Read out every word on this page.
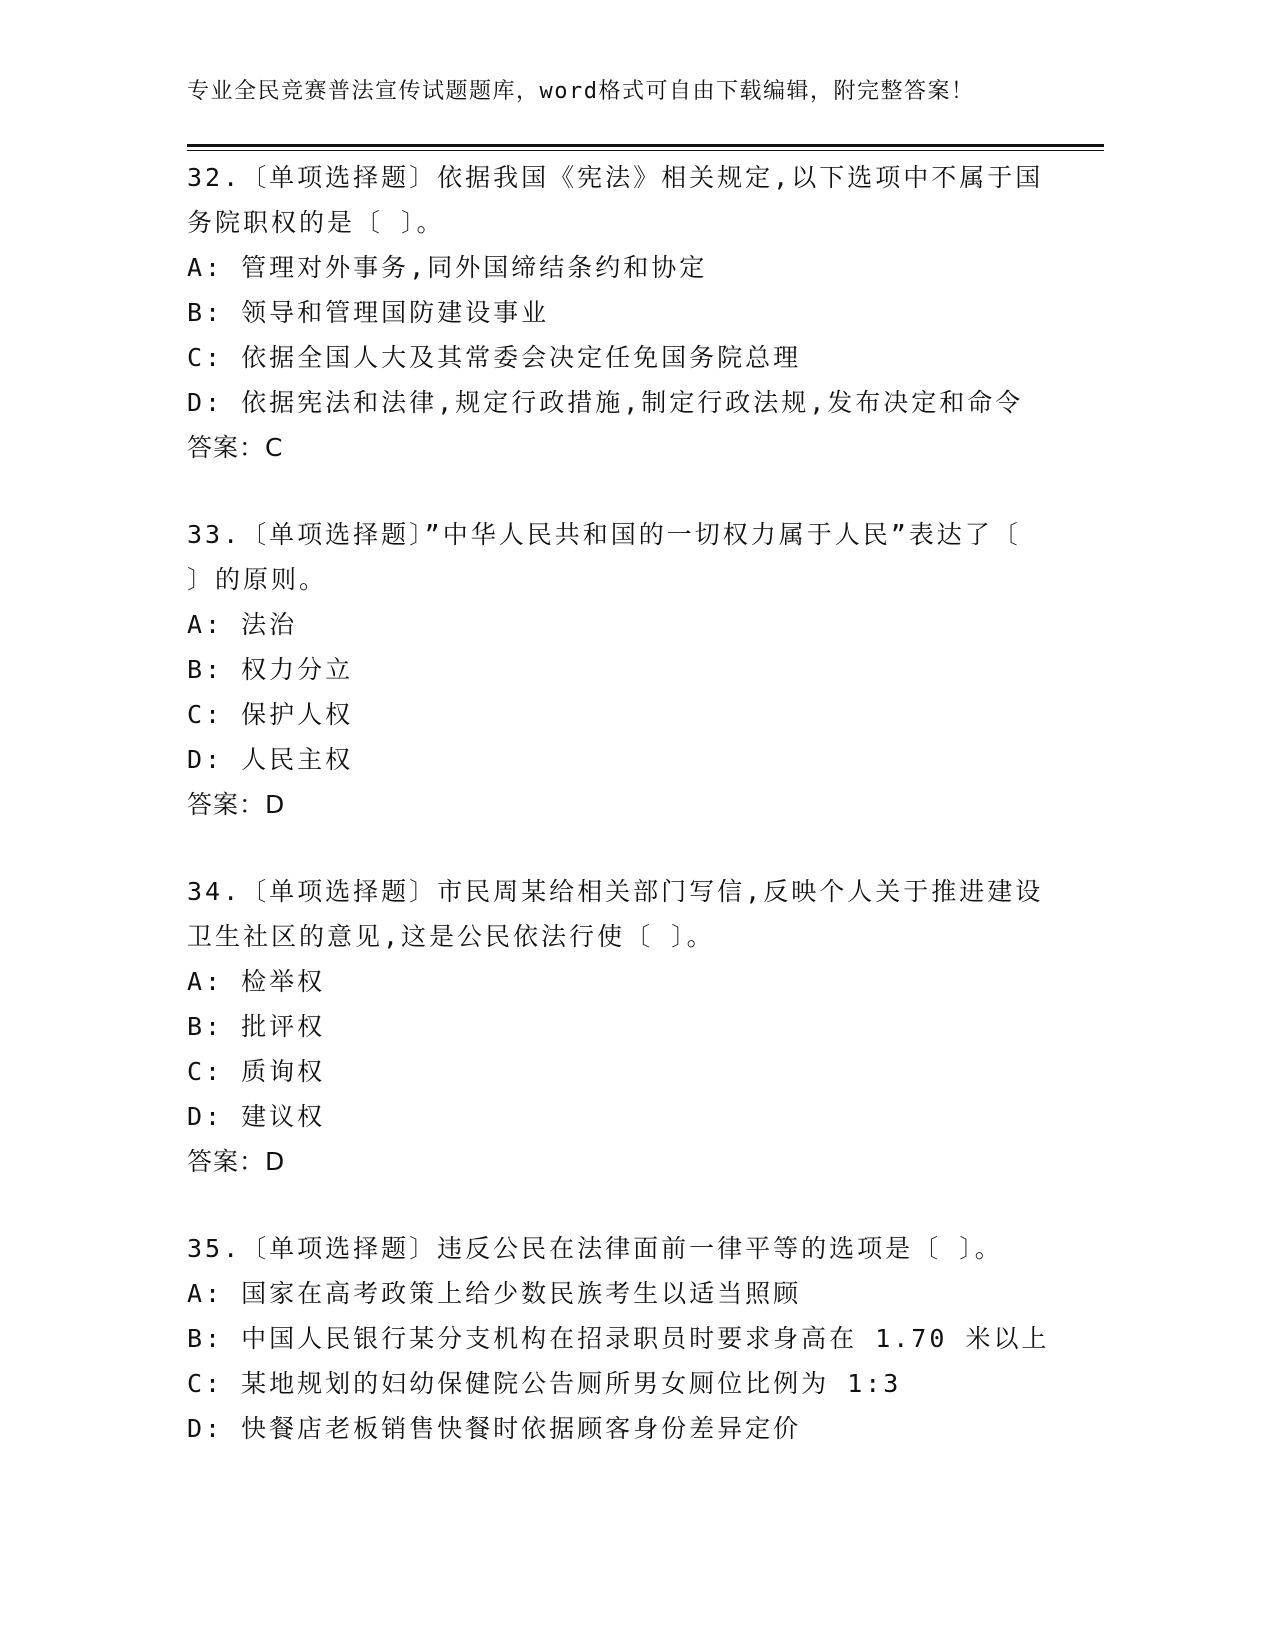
专业全民竞赛普法宣传试题题库，word格式可自由下载编辑，附完整答案！
32.〔单项选择题〕依据我国《宪法》相关规定,以下选项中不属于国
务院职权的是〔 〕。
A: 管理对外事务,同外国缔结条约和协定
B: 领导和管理国防建设事业
C: 依据全国人大及其常委会决定任免国务院总理
D: 依据宪法和法律,规定行政措施,制定行政法规,发布决定和命令
答案：C
33.〔单项选择题〕”中华人民共和国的一切权力属于人民”表达了〔
〕的原则。
A: 法治
B: 权力分立
C: 保护人权
D: 人民主权
答案：D
34.〔单项选择题〕市民周某给相关部门写信,反映个人关于推进建设
卫生社区的意见,这是公民依法行使〔 〕。
A: 检举权
B: 批评权
C: 质询权
D: 建议权
答案：D
35.〔单项选择题〕违反公民在法律面前一律平等的选项是〔 〕。
A: 国家在高考政策上给少数民族考生以适当照顾
B: 中国人民银行某分支机构在招录职员时要求身高在 1.70 米以上
C: 某地规划的妇幼保健院公告厕所男女厕位比例为 1:3
D: 快餐店老板销售快餐时依据顾客身份差异定价
